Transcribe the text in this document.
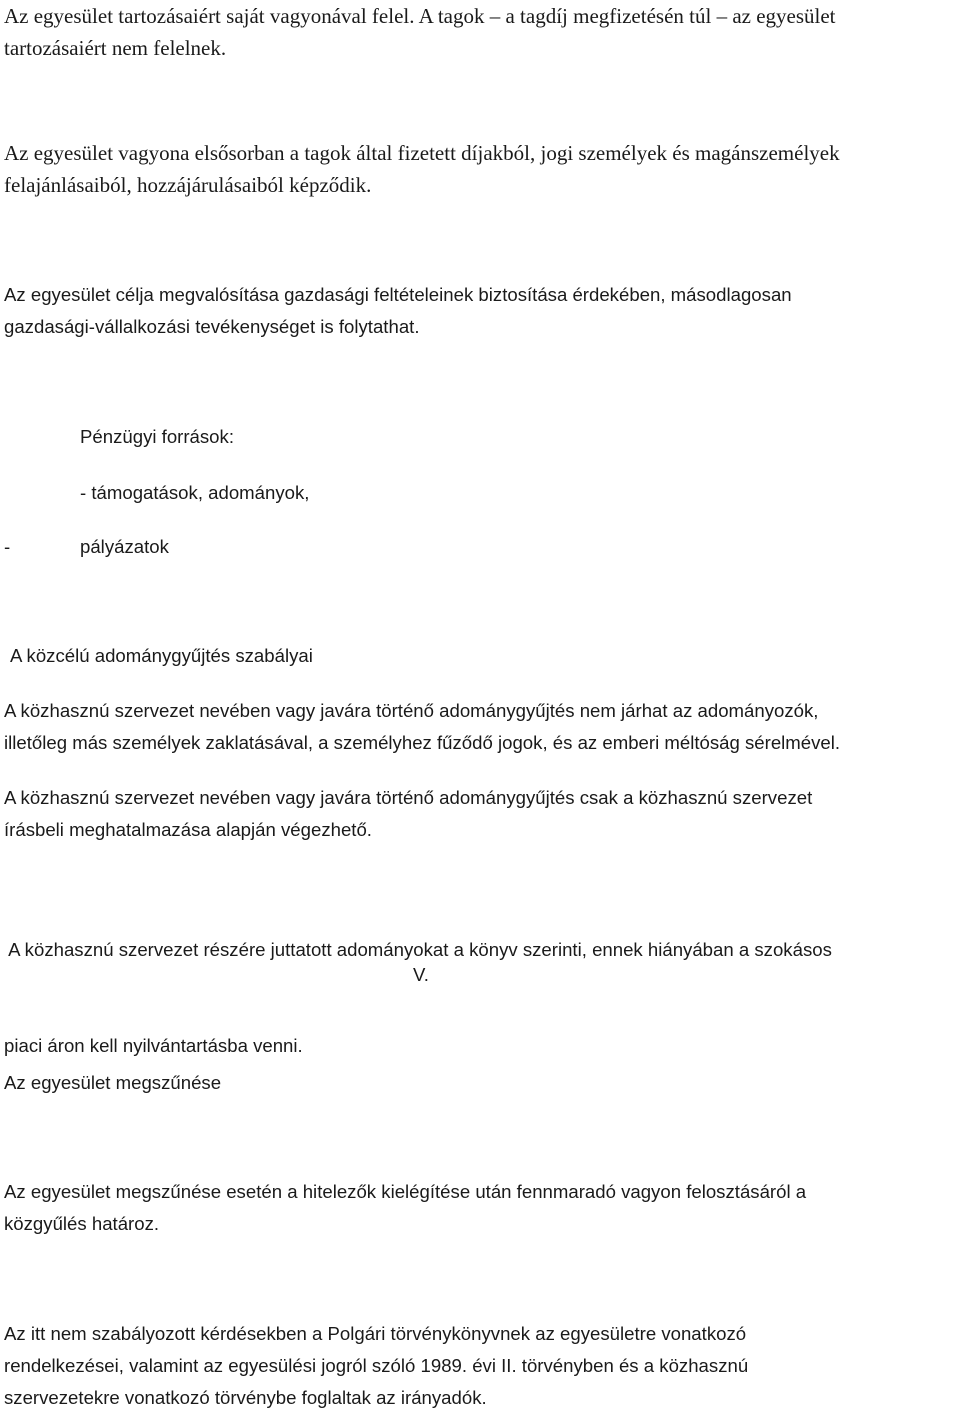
Az egyesület tartozásaiért saját vagyonával felel. A tagok – a tagdíj megfizetésén túl – az egyesület
tartozásaiért nem felelnek.

Az egyesület vagyona elsősorban a tagok által fizetett díjakból, jogi személyek és magánszemélyek
felajánlásaiból, hozzájárulásaiból képződik.

Az egyesület célja megvalósítása gazdasági feltételeinek biztosítása érdekében, másodlagosan
gazdasági-vállalkozási tevékenységet is folytathat.

Pénzügyi források:

- támogatások, adományok,

-	pályázatok

A közcélú adománygyűjtés szabályai

A közhasznú szervezet nevében vagy javára történő adománygyűjtés nem járhat az adományozók,
illetőleg más személyek zaklatásával, a személyhez fűződő jogok, és az emberi méltóság sérelmével.

A közhasznú szervezet nevében vagy javára történő adománygyűjtés csak a közhasznú szervezet
írásbeli meghatalmazása alapján végezhető.

A közhasznú szervezet részére juttatott adományokat a könyv szerinti, ennek hiányában a szokásos

piaci áron kell nyilvántartásba venni.

V.

Az egyesület megszűnése

Az egyesület megszűnése esetén a hitelezők kielégítése után fennmaradó vagyon felosztásáról a
közgyűlés határoz.

Az itt nem szabályozott kérdésekben a Polgári törvénykönyvnek az egyesületre vonatkozó
rendelkezései, valamint az egyesülési jogról szóló 1989. évi II. törvényben és a közhasznú
szervezetekre vonatkozó törvénybe foglaltak az irányadók.
